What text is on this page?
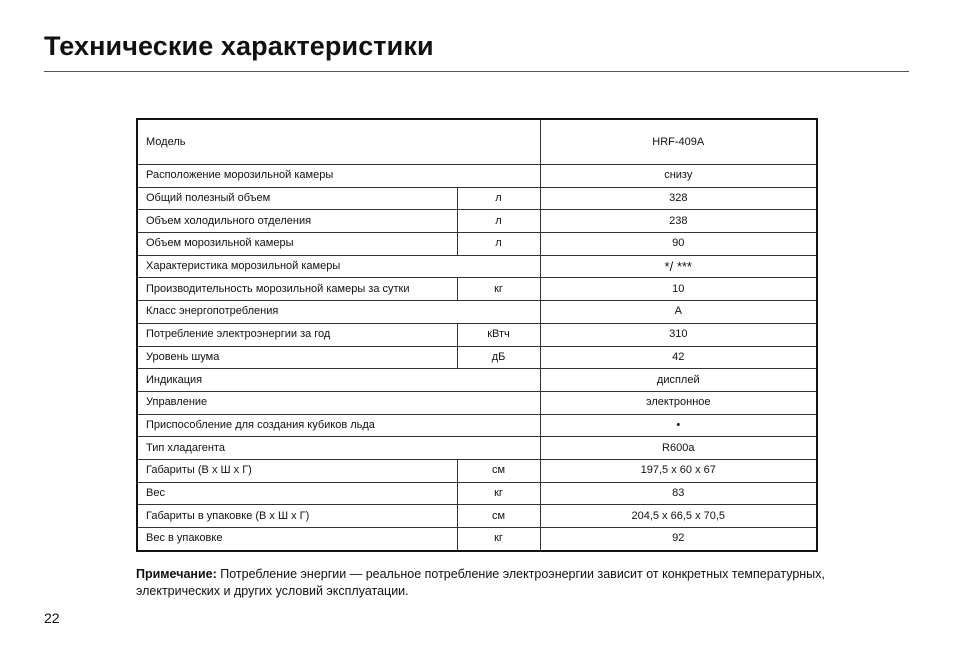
Технические характеристики
Модель		HRF-409A
Расположение морозильной камеры		снизу
Общий полезный объем	л	328
Объем холодильного отделения	л	238
Объем морозильной камеры	л	90
Характеристика морозильной камеры		*/ ***
Производительность морозильной камеры за сутки	кг	10
Класс энергопотребления		A
Потребление электроэнергии за год	кВтч	310
Уровень шума	дБ	42
Индикация		дисплей
Управление		электронное
Приспособление для создания кубиков льда		•
Тип хладагента		R600a
Габариты (В х Ш х Г)	см	197,5 х 60 х 67
Вес	кг	83
Габариты в упаковке (В х Ш х Г)	см	204,5 х 66,5 х 70,5
Вес в упаковке	кг	92

Примечание: Потребление энергии — реальное потребление электроэнергии зависит от конкретных температурных, электрических и других условий эксплуатации.

22
